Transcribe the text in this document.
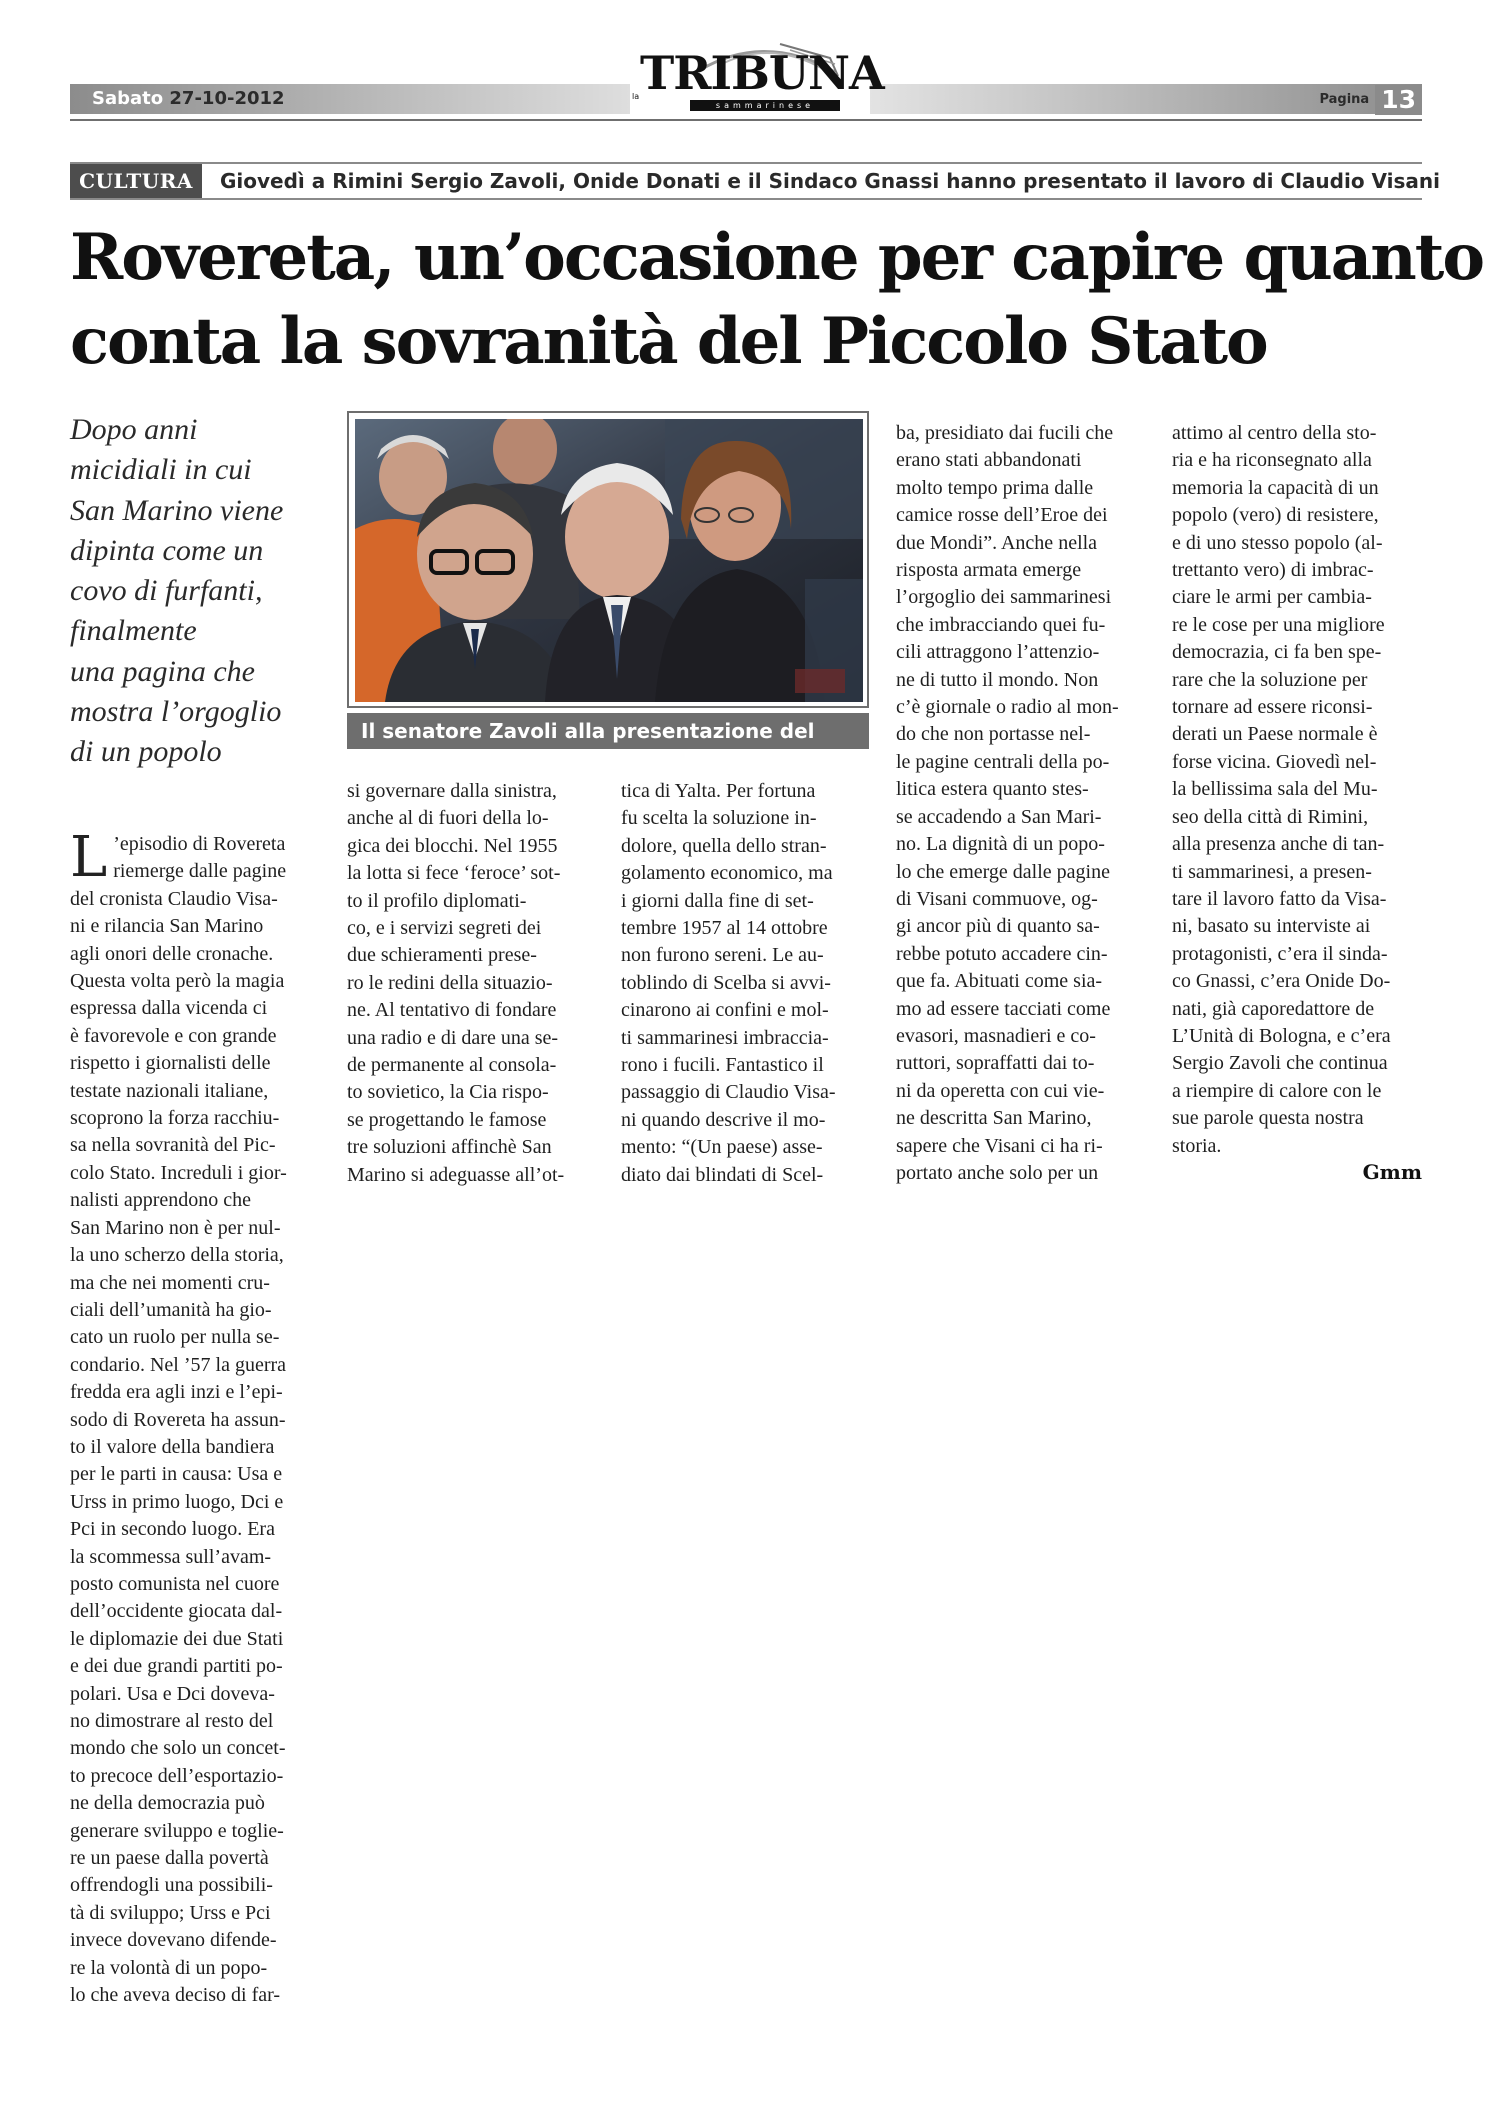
Sabato 27-10-2012	Pagina 13
la TRIBUNA
sammarinese
CULTURA	Giovedì a Rimini Sergio Zavoli, Onide Donati e il Sindaco Gnassi hanno presentato il lavoro di Claudio Visani
Rovereta, un’occasione per capire quanto
conta la sovranità del Piccolo Stato
Dopo anni
micidiali in cui
San Marino viene
dipinta come un
covo di furfanti,
finalmente
una pagina che
mostra l’orgoglio
di un popolo
Il senatore Zavoli alla presentazione del libro
L ’episodio di Rovereta
riemerge dalle pagine
del cronista Claudio Visa-
ni e rilancia San Marino
agli onori delle cronache.
Questa volta però la magia
espressa dalla vicenda ci
è favorevole e con grande
rispetto i giornalisti delle
testate nazionali italiane,
scoprono la forza racchiu-
sa nella sovranità del Pic-
colo Stato. Increduli i gior-
nalisti apprendono che
San Marino non è per nul-
la uno scherzo della storia,
ma che nei momenti cru-
ciali dell’umanità ha gio-
cato un ruolo per nulla se-
condario. Nel ’57 la guerra
fredda era agli inzi e l’epi-
sodo di Rovereta ha assun-
to il valore della bandiera
per le parti in causa: Usa e
Urss in primo luogo, Dci e
Pci in secondo luogo. Era
la scommessa sull’avam-
posto comunista nel cuore
dell’occidente giocata dal-
le diplomazie dei due Stati
e dei due grandi partiti po-
polari. Usa e Dci doveva-
no dimostrare al resto del
mondo che solo un concet-
to precoce dell’esportazio-
ne della democrazia può
generare sviluppo e toglie-
re un paese dalla povertà
offrendogli una possibili-
tà di sviluppo; Urss e Pci
invece dovevano difende-
re la volontà di un popo-
lo che aveva deciso di far-
si governare dalla sinistra,
anche al di fuori della lo-
gica dei blocchi. Nel 1955
la lotta si fece ‘feroce’ sot-
to il profilo diplomati-
co, e i servizi segreti dei
due schieramenti prese-
ro le redini della situazio-
ne. Al tentativo di fondare
una radio e di dare una se-
de permanente al consola-
to sovietico, la Cia rispo-
se progettando le famose
tre soluzioni affinchè San
Marino si adeguasse all’ot-
tica di Yalta. Per fortuna
fu scelta la soluzione in-
dolore, quella dello stran-
golamento economico, ma
i giorni dalla fine di set-
tembre 1957 al 14 ottobre
non furono sereni. Le au-
toblindo di Scelba si avvi-
cinarono ai confini e mol-
ti sammarinesi imbraccia-
rono i fucili. Fantastico il
passaggio di Claudio Visa-
ni quando descrive il mo-
mento: “(Un paese) asse-
diato dai blindati di Scel-
ba, presidiato dai fucili che
erano stati abbandonati
molto tempo prima dalle
camice rosse dell’Eroe dei
due Mondi”. Anche nella
risposta armata emerge
l’orgoglio dei sammarinesi
che imbracciando quei fu-
cili attraggono l’attenzio-
ne di tutto il mondo. Non
c’è giornale o radio al mon-
do che non portasse nel-
le pagine centrali della po-
litica estera quanto stes-
se accadendo a San Mari-
no. La dignità di un popo-
lo che emerge dalle pagine
di Visani commuove, og-
gi ancor più di quanto sa-
rebbe potuto accadere cin-
que fa. Abituati come sia-
mo ad essere tacciati come
evasori, masnadieri e co-
ruttori, sopraffatti dai to-
ni da operetta con cui vie-
ne descritta San Marino,
sapere che Visani ci ha ri-
portato anche solo per un
attimo al centro della sto-
ria e ha riconsegnato alla
memoria la capacità di un
popolo (vero) di resistere,
e di uno stesso popolo (al-
trettanto vero) di imbrac-
ciare le armi per cambia-
re le cose per una migliore
democrazia, ci fa ben spe-
rare che la soluzione per
tornare ad essere riconsi-
derati un Paese normale è
forse vicina. Giovedì nel-
la bellissima sala del Mu-
seo della città di Rimini,
alla presenza anche di tan-
ti sammarinesi, a presen-
tare il lavoro fatto da Visa-
ni, basato su interviste ai
protagonisti, c’era il sinda-
co Gnassi, c’era Onide Do-
nati, già caporedattore de
L’Unità di Bologna, e c’era
Sergio Zavoli che continua
a riempire di calore con le
sue parole questa nostra
storia.
Gmm
